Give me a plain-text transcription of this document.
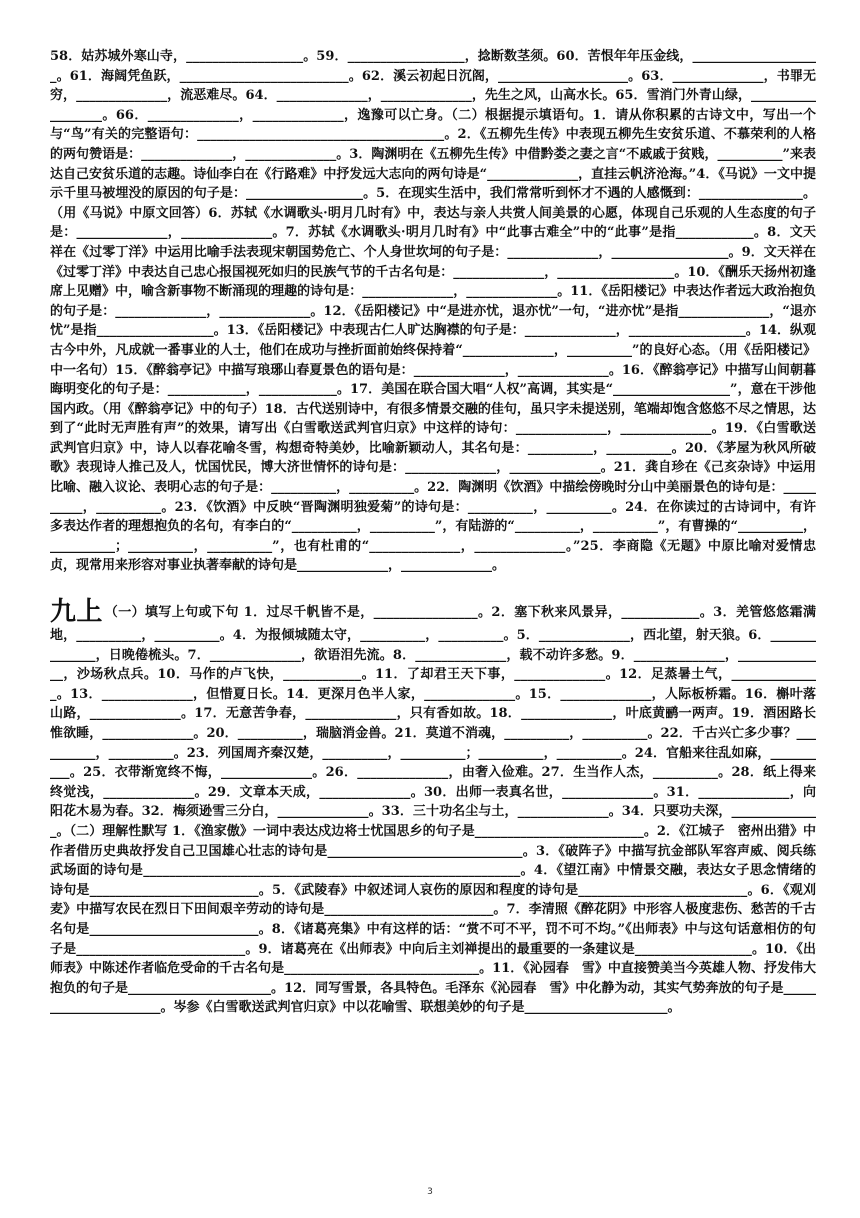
58．姑苏城外寒山寺，__________________。59．__________________，捻断数茎须。60．苦恨年年压金线，____________________。61．海阔凭鱼跃，__________________________。62．溪云初起日沉阁，____________________。63．______________，书罪无穷，______________，流恶难尽。64．______________，______________，先生之风，山高水长。65．雪消门外青山绿，__________________。66．______________，______________，逸豫可以亡身。（二）根据提示填语句。1．请从你积累的古诗文中，写出一个与“鸟”有关的完整语句：______________________________________。2．《五柳先生传》中表现五柳先生安贫乐道、不慕荣利的人格的两句赞语是：______________，______________。3．陶渊明在《五柳先生传》中借黔娄之妻之言“不戚戚于贫贱，__________”来表达自己安贫乐道的志趣。诗仙李白在《行路难》中抒发远大志向的两句诗是“______________，直挂云帆济沧海。”4．《马说》一文中提示千里马被埋没的原因的句子是：__________________。5．在现实生活中，我们常常听到怀才不遇的人感慨到：________________。（用《马说》中原文回答）6．苏轼《水调歌头·明月几时有》中，表达与亲人共赏人间美景的心愿，体现自己乐观的人生态度的句子是：______________，______________。7．苏轼《水调歌头·明月几时有》中“此事古难全”中的“此事”是指____________。8．文天祥在《过零丁洋》中运用比喻手法表现宋朝国势危亡、个人身世坎坷的句子是：______________，__________________。9．文天祥在《过零丁洋》中表达自己忠心报国视死如归的民族气节的千古名句是：______________，__________________。10．《酬乐天扬州初逢席上见赠》中，喻含新事物不断涌现的理趣的诗句是：______________，______________。11．《岳阳楼记》中表达作者远大政治抱负的句子是：______________，______________。12．《岳阳楼记》中“是进亦忧，退亦忧”一句，“进亦忧”是指______________，“退亦忧”是指__________________。13．《岳阳楼记》中表现古仁人旷达胸襟的句子是：______________，__________________。14．纵观古今中外，凡成就一番事业的人士，他们在成功与挫折面前始终保持着“______________，__________”的良好心态。（用《岳阳楼记》中一名句）15．《醉翁亭记》中描写琅琊山春夏景色的语句是：______________，______________。16．《醉翁亭记》中描写山间朝暮晦明变化的句子是：____________，____________。17．美国在联合国大唱“人权”高调，其实是“__________________”，意在干涉他国内政。（用《醉翁亭记》中的句子）18．古代送别诗中，有很多情景交融的佳句，虽只字未提送别，笔端却饱含悠悠不尽之情思，达到了“此时无声胜有声”的效果，请写出《白雪歌送武判官归京》中这样的诗句：______________，______________。19．《白雪歌送武判官归京》中，诗人以春花喻冬雪，构想奇特美妙，比喻新颖动人，其名句是：__________，__________。20．《茅屋为秋风所破歌》表现诗人推己及人，忧国忧民，博大济世情怀的诗句是：______________，______________。21．龚自珍在《己亥杂诗》中运用比喻、融入议论、表明心志的句子是：__________，__________。22．陶渊明《饮酒》中描绘傍晚时分山中美丽景色的诗句是：__________，__________。23．《饮酒》中反映“晋陶渊明独爱菊”的诗句是：__________，__________。24．在你读过的古诗词中，有许多表达作者的理想抱负的名句，有李白的“__________，__________”，有陆游的“__________，__________”，有曹操的“__________，__________；__________，__________”，也有杜甫的“______________，______________。”25．李商隐《无题》中原比喻对爱情忠贞，现常用来形容对事业执著奉献的诗句是______________，______________。

九上 （一）填写上句或下句 1．过尽千帆皆不是，________________。2．塞下秋来风景异，____________。3．羌管悠悠霜满地，__________，__________。4．为报倾城随太守，__________，__________。5．______________，西北望，射天狼。6．______________，日晚倦梳头。7．______________，欲语泪先流。8．______________，载不动许多愁。9．______________，______________，沙场秋点兵。10．马作的卢飞快，____________。11．了却君王天下事，______________。12．足蒸暑土气，______________。13．______________，但惜夏日长。14．更深月色半人家，______________。15．______________，人际板桥霜。16．槲叶落山路，______________。17．无意苦争春，______________，只有香如故。18．______________，叶底黄鹂一两声。19．酒困路长惟欲睡，______________。20．__________，瑞脑消金兽。21．莫道不消魂，__________，__________。22．千古兴亡多少事？__________，__________。23．列国周齐秦汉楚，__________，__________；__________，__________。24．官船来往乱如麻，__________。25．衣带渐宽终不悔，______________。26．______________，由奢入俭难。27．生当作人杰，__________。28．纸上得来终觉浅，______________。29．文章本天成，______________。30．出师一表真名世，______________。31．______________，向阳花木易为春。32．梅须逊雪三分白，______________。33．三十功名尘与土，______________。34．只要功夫深，______________。（二）理解性默写 1．《渔家傲》一词中表达戍边将士忧国思乡的句子是__________________________。2．《江城子　密州出猎》中作者借历史典故抒发自己卫国雄心壮志的诗句是______________________________。3．《破阵子》中描写抗金部队军容声威、阅兵练武场面的诗句是__________________________________________________________。4．《望江南》中情景交融，表达女子思念情绪的诗句是__________________________。5．《武陵春》中叙述词人哀伤的原因和程度的诗句是__________________________。6．《观刈麦》中描写农民在烈日下田间艰辛劳动的诗句是__________________________。7．李清照《醉花阴》中形容人极度悲伤、愁苦的千古名句是__________________________。8．《诸葛亮集》中有这样的话：“赏不可不平，罚不可不均。”《出师表》中与这句话意相仿的句子是__________________________。9．诸葛亮在《出师表》中向后主刘禅提出的最重要的一条建议是__________________。10．《出师表》中陈述作者临危受命的千古名句是______________________________。11．《沁园春　雪》中直接赞美当今英雄人物、抒发伟大抱负的句子是______________________。12．同写雪景，各具特色。毛泽东《沁园春　雪》中化静为动，其实气势奔放的句子是______________________。岑参《白雪歌送武判官归京》中以花喻雪、联想美妙的句子是______________________。

3
